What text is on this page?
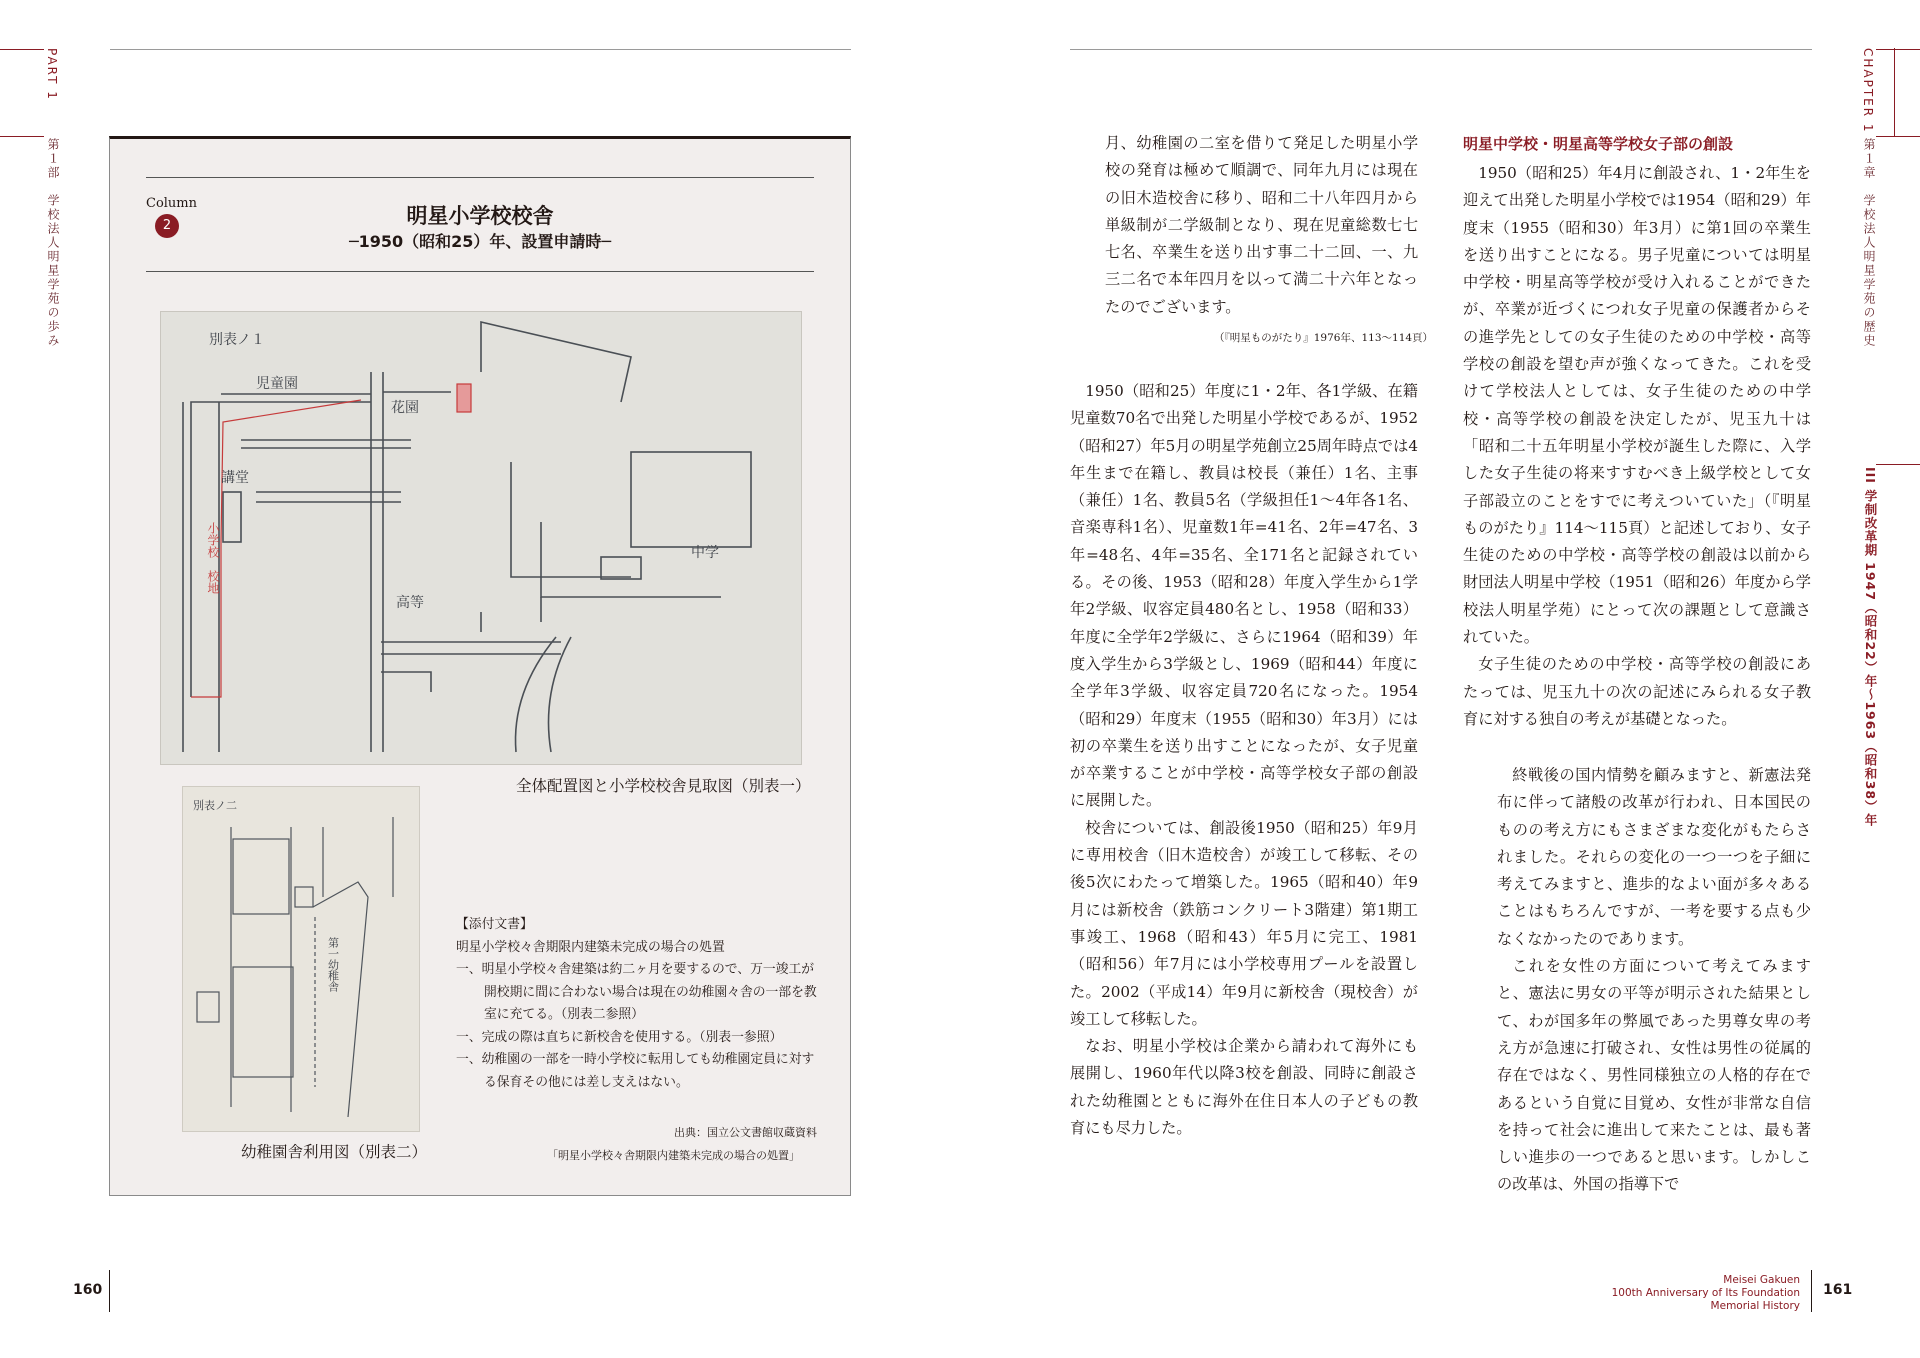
PART 1
第１部　学校法人明星学苑の歩み
CHAPTER 1
第１章　学校法人明星学苑の歴史
III 学制改革期 1947（昭和22）年〜1963（昭和38）年
Column
2	明星小学校校舎
─1950（昭和25）年、設置申請時─
別表ノ１
児童園
花園
中学
高等
講堂
小学校　校地
全体配置図と小学校校舎見取図（別表一）
別表ノ二
第一幼稚舎
幼稚園舎利用図（別表二）
【添付文書】
明星小学校々舎期限内建築未完成の場合の処置
一、明星小学校々舎建築は約二ヶ月を要するので、万一竣工が開校期に間に合わない場合は現在の幼稚園々舎の一部を教室に充てる。（別表二参照）
一、完成の際は直ちに新校舎を使用する。（別表一参照）
一、幼稚園の一部を一時小学校に転用しても幼稚園定員に対する保育その他には差し支えはない。
出典：国立公文書館収蔵資料
「明星小学校々舎期限内建築未完成の場合の処置」
160

月、幼稚園の二室を借りて発足した明星小学校の発育は極めて順調で、同年九月には現在の旧木造校舎に移り、昭和二十八年四月から単級制が二学級制となり、現在児童総数七七七名、卒業生を送り出す事二十二回、一、九三二名で本年四月を以って満二十六年となったのでございます。

（『明星ものがたり』1976年、113〜114頁）

1950（昭和25）年度に1・2年、各1学級、在籍児童数70名で出発した明星小学校であるが、1952（昭和27）年5月の明星学苑創立25周年時点では4年生まで在籍し、教員は校長（兼任）1名、主事（兼任）1名、教員5名（学級担任1〜4年各1名、音楽専科1名）、児童数1年=41名、2年=47名、3年=48名、4年=35名、全171名と記録されている。その後、1953（昭和28）年度入学生から1学年2学級、収容定員480名とし、1958（昭和33）年度に全学年2学級に、さらに1964（昭和39）年度入学生から3学級とし、1969（昭和44）年度に全学年3学級、収容定員720名になった。1954（昭和29）年度末（1955（昭和30）年3月）には初の卒業生を送り出すことになったが、女子児童が卒業することが中学校・高等学校女子部の創設に展開した。

校舎については、創設後1950（昭和25）年9月に専用校舎（旧木造校舎）が竣工して移転、その後5次にわたって増築した。1965（昭和40）年9月には新校舎（鉄筋コンクリート3階建）第1期工事竣工、1968（昭和43）年5月に完工、1981（昭和56）年7月には小学校専用プールを設置した。2002（平成14）年9月に新校舎（現校舎）が竣工して移転した。

なお、明星小学校は企業から請われて海外にも展開し、1960年代以降3校を創設、同時に創設された幼稚園とともに海外在住日本人の子どもの教育にも尽力した。

明星中学校・明星高等学校女子部の創設

1950（昭和25）年4月に創設され、1・2年生を迎えて出発した明星小学校では1954（昭和29）年度末（1955（昭和30）年3月）に第1回の卒業生を送り出すことになる。男子児童については明星中学校・明星高等学校が受け入れることができたが、卒業が近づくにつれ女子児童の保護者からその進学先としての女子生徒のための中学校・高等学校の創設を望む声が強くなってきた。これを受けて学校法人としては、女子生徒のための中学校・高等学校の創設を決定したが、児玉九十は「昭和二十五年明星小学校が誕生した際に、入学した女子生徒の将来すすむべき上級学校として女子部設立のことをすでに考えついていた」（『明星ものがたり』114〜115頁）と記述しており、女子生徒のための中学校・高等学校の創設は以前から財団法人明星中学校（1951（昭和26）年度から学校法人明星学苑）にとって次の課題として意識されていた。

女子生徒のための中学校・高等学校の創設にあたっては、児玉九十の次の記述にみられる女子教育に対する独自の考えが基礎となった。

終戦後の国内情勢を顧みますと、新憲法発布に伴って諸般の改革が行われ、日本国民のものの考え方にもさまざまな変化がもたらされました。それらの変化の一つ一つを子細に考えてみますと、進歩的なよい面が多々あることはもちろんですが、一考を要する点も少なくなかったのであります。

これを女性の方面について考えてみますと、憲法に男女の平等が明示された結果として、わが国多年の弊風であった男尊女卑の考え方が急速に打破され、女性は男性の従属的存在ではなく、男性同様独立の人格的存在であるという自覚に目覚め、女性が非常な自信を持って社会に進出して来たことは、最も著しい進歩の一つであると思います。しかしこの改革は、外国の指導下で

Meisei Gakuen
100th Anniversary of Its Foundation
Memorial History
161
